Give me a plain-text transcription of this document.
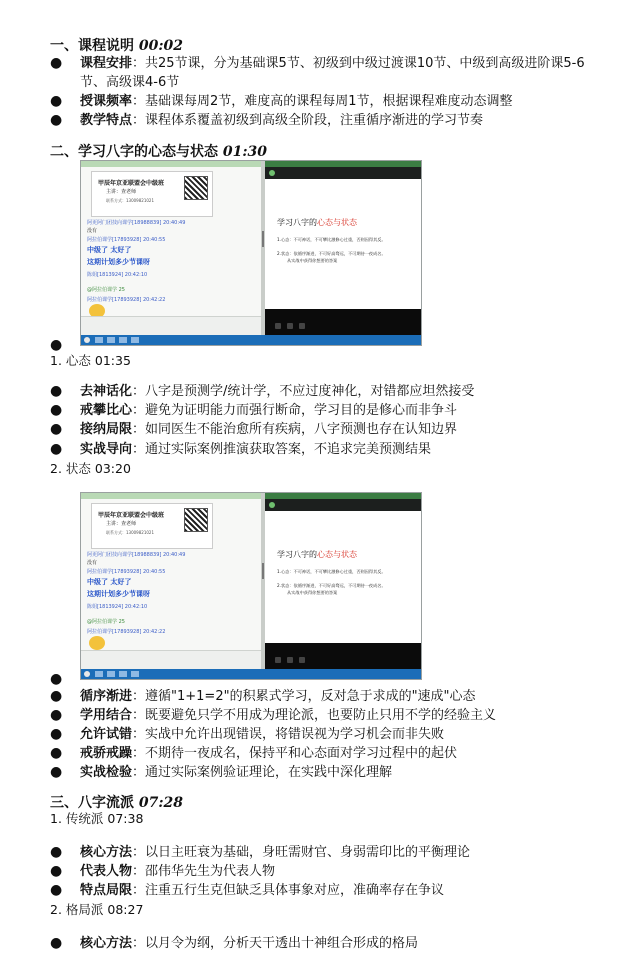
一、课程说明 00:02
●	课程安排：共25节课，分为基础课5节、初级到中级过渡课10节、中级到高级进阶课5-6节、高级课4-6节
●	授课频率：基础课每周2节，难度高的课程每周1节，根据课程难度动态调整
●	教学特点：课程体系覆盖初级到高级全阶段，注重循序渐进的学习节奏
二、学习八字的心态与状态 01:30
甲辰年京亚联盟会中级班
主讲：查老师
联系方式：13009821021
阿更阿门团技向课学[18988839] 20:40:49
没有
阿拉伯课学[17893928] 20:40:55
中级了 太好了
这期计划多少节课呀
陈姐[1813924] 20:42:10
@阿拉伯课学 25
阿拉伯课学[17893928] 20:42:22
学习八字的心态与状态
1.心态：不可神话，不可攀比激修心过重，否则因得其反。
2.状态：依循序渐进，不可好高骛远，不可期待一夜成名。
从实战中获得你想要的答案
●
1. 心态 01:35
●	去神话化：八字是预测学/统计学，不应过度神化，对错都应坦然接受
●	戒攀比心：避免为证明能力而强行断命，学习目的是修心而非争斗
●	接纳局限：如同医生不能治愈所有疾病，八字预测也存在认知边界
●	实战导向：通过实际案例推演获取答案，不追求完美预测结果
2. 状态 03:20
甲辰年京亚联盟会中级班
主讲：查老师
联系方式：13009821021
阿更阿门团技向课学[18988839] 20:40:49
没有
阿拉伯课学[17893928] 20:40:55
中级了 太好了
这期计划多少节课呀
陈姐[1813924] 20:42:10
@阿拉伯课学 25
阿拉伯课学[17893928] 20:42:22
学习八字的心态与状态
1.心态：不可神话，不可攀比激修心过重，否则因得其反。
2.状态：依循序渐进，不可好高骛远，不可期待一夜成名。
从实战中获得你想要的答案
●
●	循序渐进：遵循"1+1=2"的积累式学习，反对急于求成的"速成"心态
●	学用结合：既要避免只学不用成为理论派，也要防止只用不学的经验主义
●	允许试错：实战中允许出现错误，将错误视为学习机会而非失败
●	戒骄戒躁：不期待一夜成名，保持平和心态面对学习过程中的起伏
●	实战检验：通过实际案例验证理论，在实践中深化理解
三、八字流派 07:28
1. 传统派 07:38
●	核心方法：以日主旺衰为基础，身旺需财官、身弱需印比的平衡理论
●	代表人物：邵伟华先生为代表人物
●	特点局限：注重五行生克但缺乏具体事象对应，准确率存在争议
2. 格局派 08:27
●	核心方法：以月令为纲，分析天干透出十神组合形成的格局
